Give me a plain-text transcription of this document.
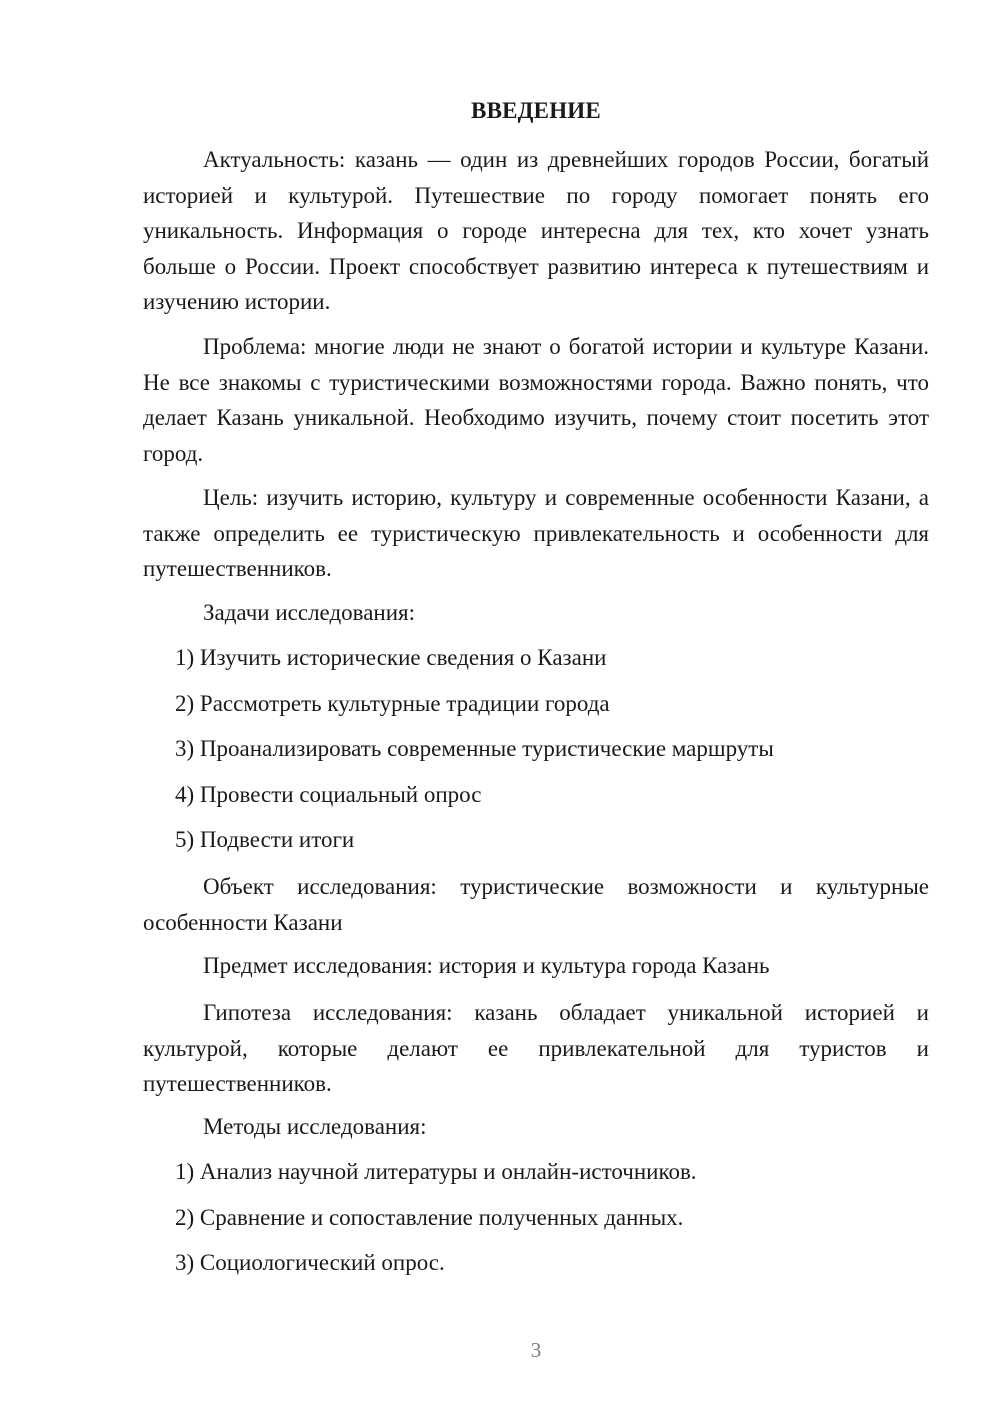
ВВЕДЕНИЕ

Актуальность: казань — один из древнейших городов России, богатый историей и культурой. Путешествие по городу помогает понять его уникальность. Информация о городе интересна для тех, кто хочет узнать больше о России. Проект способствует развитию интереса к путешествиям и изучению истории.

Проблема: многие люди не знают о богатой истории и культуре Казани. Не все знакомы с туристическими возможностями города. Важно понять, что делает Казань уникальной. Необходимо изучить, почему стоит посетить этот город.

Цель: изучить историю, культуру и современные особенности Казани, а также определить ее туристическую привлекательность и особенности для путешественников.

Задачи исследования:

1) Изучить исторические сведения о Казани

2) Рассмотреть культурные традиции города

3) Проанализировать современные туристические маршруты

4) Провести социальный опрос

5) Подвести итоги

Объект исследования: туристические возможности и культурные особенности Казани

Предмет исследования: история и культура города Казань

Гипотеза исследования: казань обладает уникальной историей и культурой, которые делают ее привлекательной для туристов и путешественников.

Методы исследования:

1) Анализ научной литературы и онлайн-источников.

2) Сравнение и сопоставление полученных данных.

3) Социологический опрос.

3
